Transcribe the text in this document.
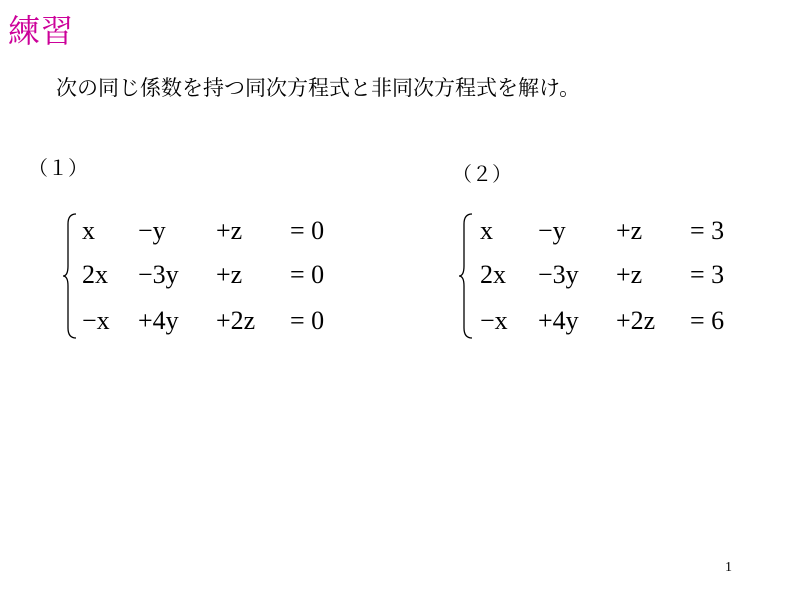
練習
次の同じ係数を持つ同次方程式と非同次方程式を解け。
（１）
x −y +z = 0
2x −3y +z = 0
−x +4y +2z = 0
（２）
x −y +z = 3
2x −3y +z = 3
−x +4y +2z = 6
1
